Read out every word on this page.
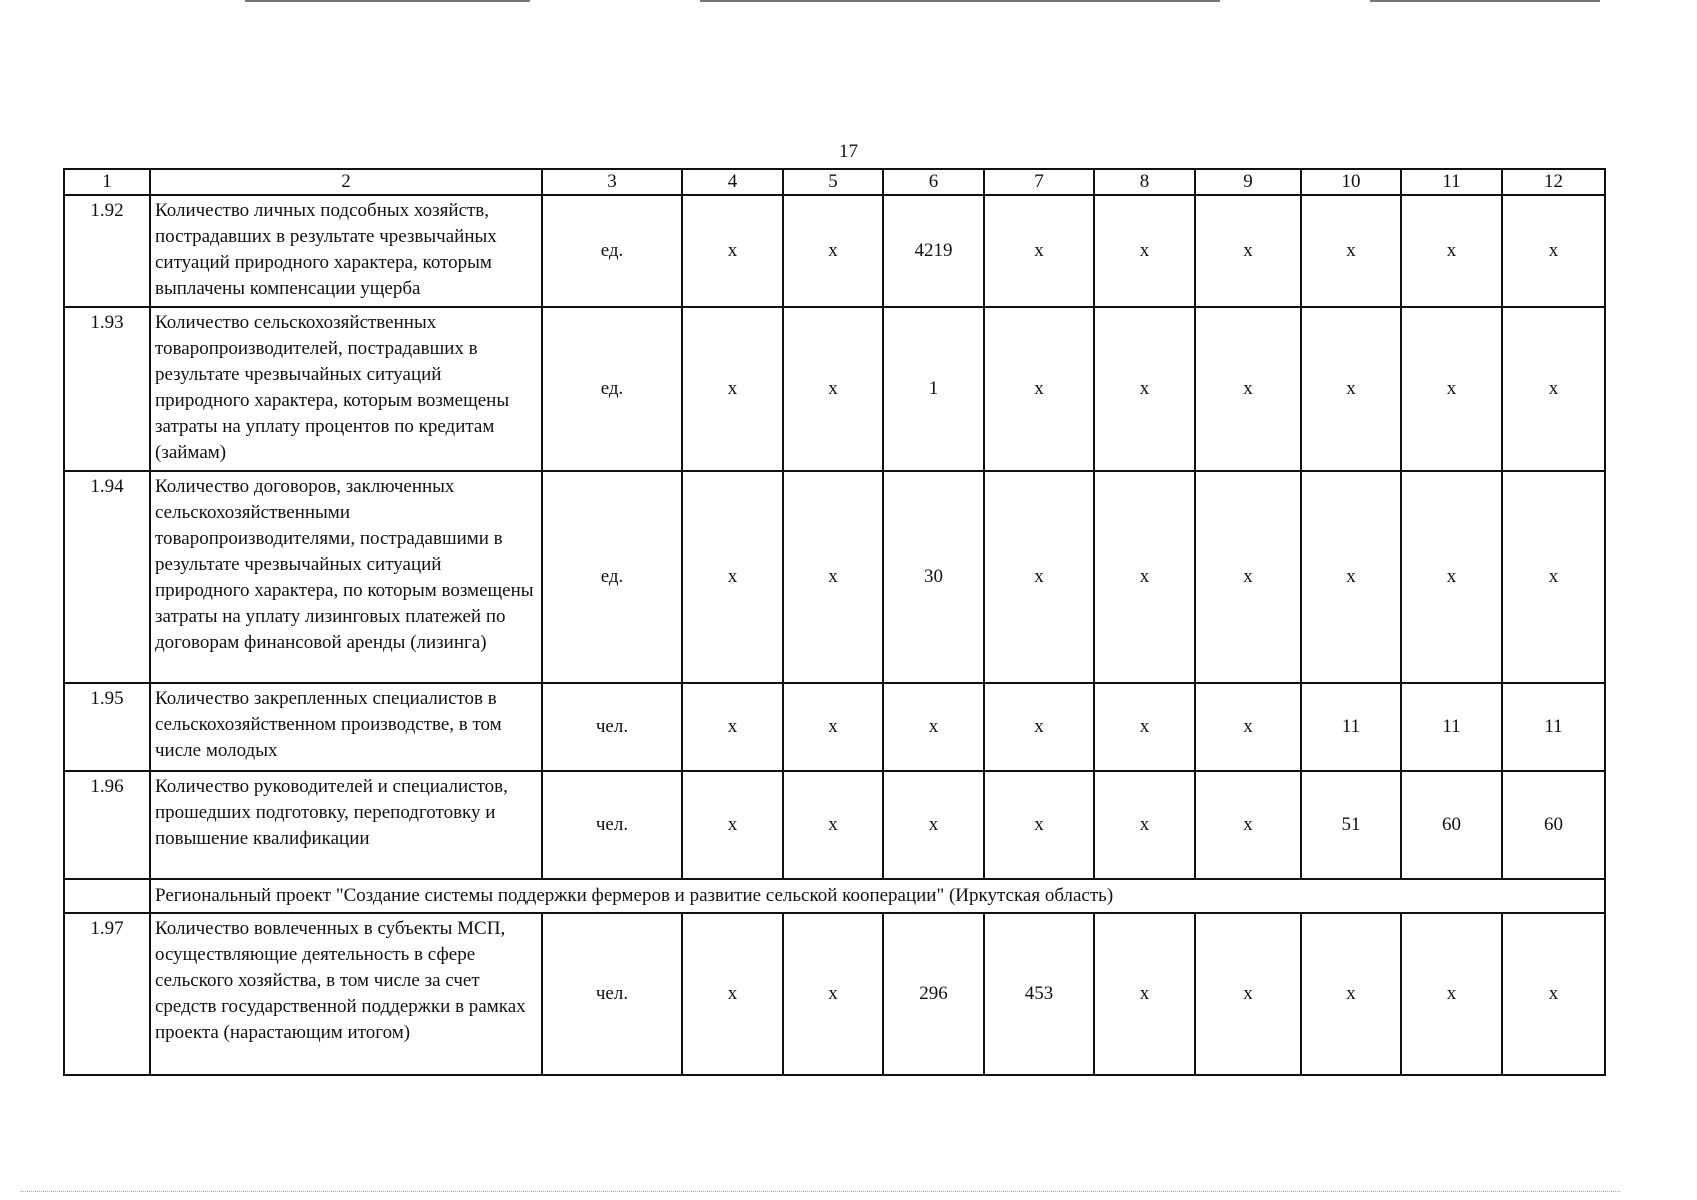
17
1	2	3	4	5	6	7	8	9	10	11	12
1.92	Количество личных подсобных хозяйств, пострадавших в результате чрезвычайных ситуаций природного характера, которым выплачены компенсации ущерба	ед.	x	x	4219	x	x	x	x	x	x
1.93	Количество сельскохозяйственных товаропроизводителей, пострадавших в результате чрезвычайных ситуаций природного характера, которым возмещены затраты на уплату процентов по кредитам (займам)	ед.	x	x	1	x	x	x	x	x	x
1.94	Количество договоров, заключенных сельскохозяйственными товаропроизводителями, пострадавшими в результате чрезвычайных ситуаций природного характера, по которым возмещены затраты на уплату лизинговых платежей по договорам финансовой аренды (лизинга)	ед.	x	x	30	x	x	x	x	x	x
1.95	Количество закрепленных специалистов в сельскохозяйственном производстве, в том числе молодых	чел.	x	x	x	x	x	x	11	11	11
1.96	Количество руководителей и специалистов, прошедших подготовку, переподготовку и повышение квалификации	чел.	x	x	x	x	x	x	51	60	60
	Региональный проект "Создание системы поддержки фермеров и развитие сельской кооперации" (Иркутская область)										
1.97	Количество вовлеченных в субъекты МСП, осуществляющие деятельность в сфере сельского хозяйства, в том числе за счет средств государственной поддержки в рамках проекта (нарастающим итогом)	чел.	x	x	296	453	x	x	x	x	x
